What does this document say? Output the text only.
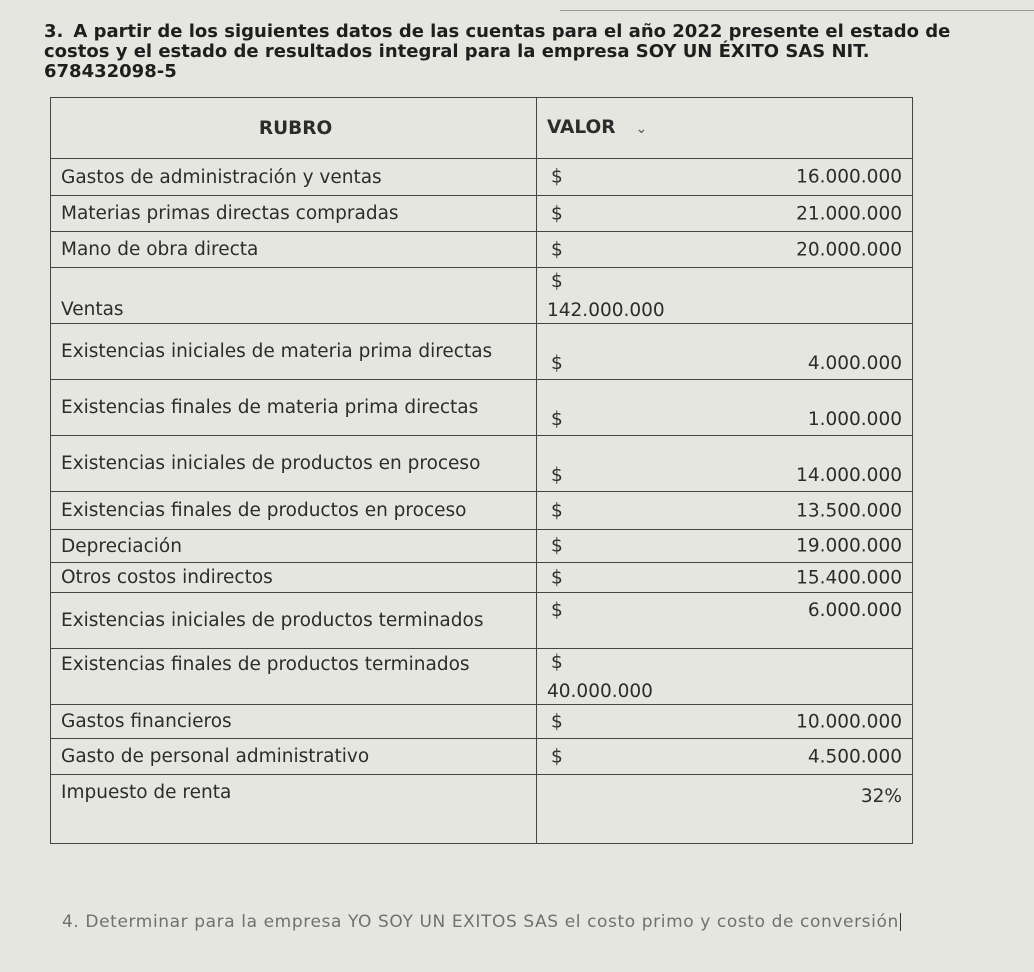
3. A partir de los siguientes datos de las cuentas para el año 2022 presente el estado de costos y el estado de resultados integral para la empresa SOY UN ÉXITO SAS NIT.
678432098-5
RUBRO	VALOR ⌄
Gastos de administración y ventas	$ 16.000.000

Materias primas directas compradas	$ 21.000.000

Mano de obra directa	$ 20.000.000

Ventas	$
142.000.000

Existencias iniciales de materia prima directas	$ 4.000.000

Existencias finales de materia prima directas	$ 1.000.000

Existencias iniciales de productos en proceso	$ 14.000.000

Existencias finales de productos en proceso	$ 13.500.000

Depreciación	$ 19.000.000

Otros costos indirectos	$ 15.400.000

Existencias iniciales de productos terminados	$ 6.000.000

Existencias finales de productos terminados	$
40.000.000

Gastos financieros	$ 10.000.000

Gasto de personal administrativo	$ 4.500.000

Impuesto de renta	32%
4. Determinar para la empresa YO SOY UN EXITOS SAS el costo primo y costo de conversión
